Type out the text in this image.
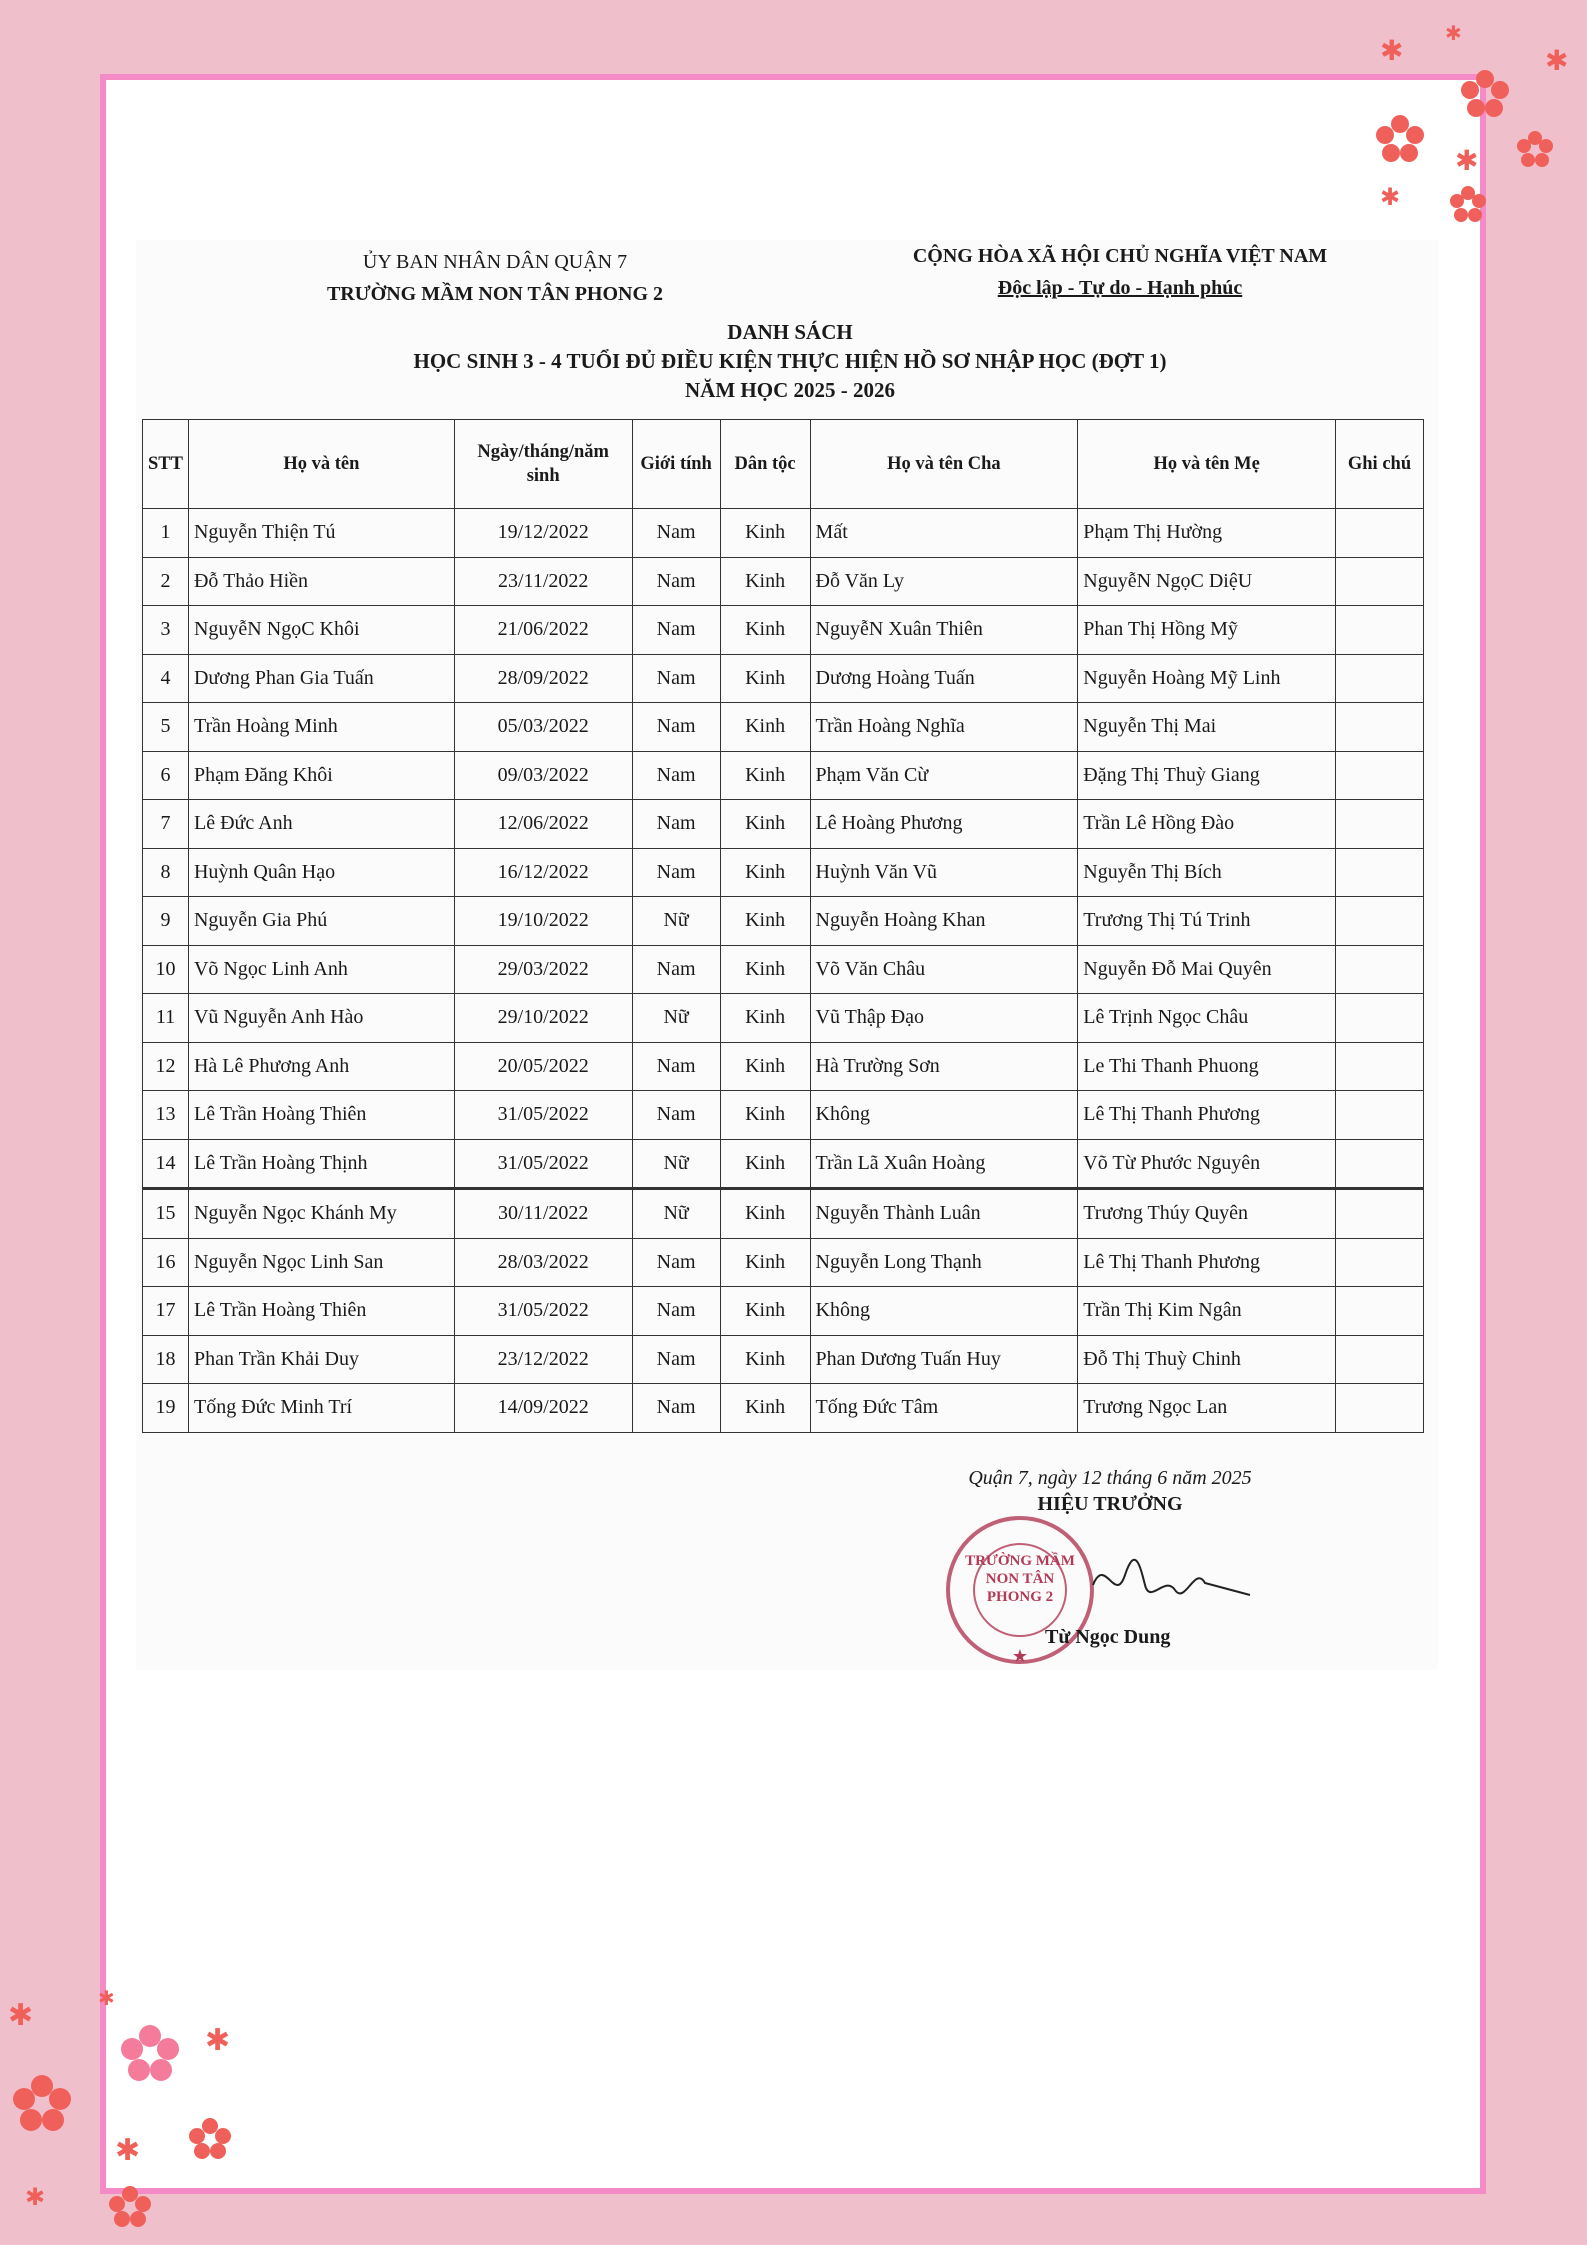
ỦY BAN NHÂN DÂN QUẬN 7
TRƯỜNG MẦM NON TÂN PHONG 2
CỘNG HÒA XÃ HỘI CHỦ NGHĨA VIỆT NAM
Độc lập - Tự do - Hạnh phúc
DANH SÁCH
HỌC SINH 3 - 4 TUỔI ĐỦ ĐIỀU KIỆN THỰC HIỆN HỒ SƠ NHẬP HỌC (ĐỢT 1)
NĂM HỌC 2025 - 2026
STT	Họ và tên	Ngày/tháng/năm sinh	Giới tính	Dân tộc	Họ và tên Cha	Họ và tên Mẹ	Ghi chú
1	Nguyễn Thiện Tú	19/12/2022	Nam	Kinh	Mất	Phạm Thị Hường	
2	Đỗ Thảo Hiền	23/11/2022	Nam	Kinh	Đỗ Văn Ly	NguyễN NgọC DiệU	
3	NguyễN NgọC Khôi	21/06/2022	Nam	Kinh	NguyễN Xuân Thiên	Phan Thị Hồng Mỹ	
4	Dương Phan Gia Tuấn	28/09/2022	Nam	Kinh	Dương Hoàng Tuấn	Nguyễn Hoàng Mỹ Linh	
5	Trần Hoàng Minh	05/03/2022	Nam	Kinh	Trần Hoàng Nghĩa	Nguyễn Thị Mai	
6	Phạm Đăng Khôi	09/03/2022	Nam	Kinh	Phạm Văn Cừ	Đặng Thị Thuỳ Giang	
7	Lê Đức Anh	12/06/2022	Nam	Kinh	Lê Hoàng Phương	Trần Lê Hồng Đào	
8	Huỳnh Quân Hạo	16/12/2022	Nam	Kinh	Huỳnh Văn Vũ	Nguyễn Thị Bích	
9	Nguyễn Gia Phú	19/10/2022	Nữ	Kinh	Nguyễn Hoàng Khan	Trương Thị Tú Trinh	
10	Võ Ngọc Linh Anh	29/03/2022	Nam	Kinh	Võ Văn Châu	Nguyễn Đỗ Mai Quyên	
11	Vũ Nguyễn Anh Hào	29/10/2022	Nữ	Kinh	Vũ Thập Đạo	Lê Trịnh Ngọc Châu	
12	Hà Lê Phương Anh	20/05/2022	Nam	Kinh	Hà Trường Sơn	Le Thi Thanh Phuong	
13	Lê Trần Hoàng Thiên	31/05/2022	Nam	Kinh	Không	Lê Thị Thanh Phương	
14	Lê Trần Hoàng Thịnh	31/05/2022	Nữ	Kinh	Trần Lã Xuân Hoàng	Võ Từ Phước Nguyên	
15	Nguyễn Ngọc Khánh My	30/11/2022	Nữ	Kinh	Nguyễn Thành Luân	Trương Thúy Quyên	
16	Nguyễn Ngọc Linh San	28/03/2022	Nam	Kinh	Nguyễn Long Thạnh	Lê Thị Thanh Phương	
17	Lê Trần Hoàng Thiên	31/05/2022	Nam	Kinh	Không	Trần Thị Kim Ngân	
18	Phan Trần Khải Duy	23/12/2022	Nam	Kinh	Phan Dương Tuấn Huy	Đỗ Thị Thuỳ Chinh	
19	Tống Đức Minh Trí	14/09/2022	Nam	Kinh	Tống Đức Tâm	Trương Ngọc Lan	
Quận 7, ngày 12 tháng 6 năm 2025
HIỆU TRƯỞNG
★
TRƯỜNG MẦM NON TÂN PHONG 2
Từ Ngọc Dung
✱	✱
✱
✱
✱
✱
✱
✱
✱
✱
